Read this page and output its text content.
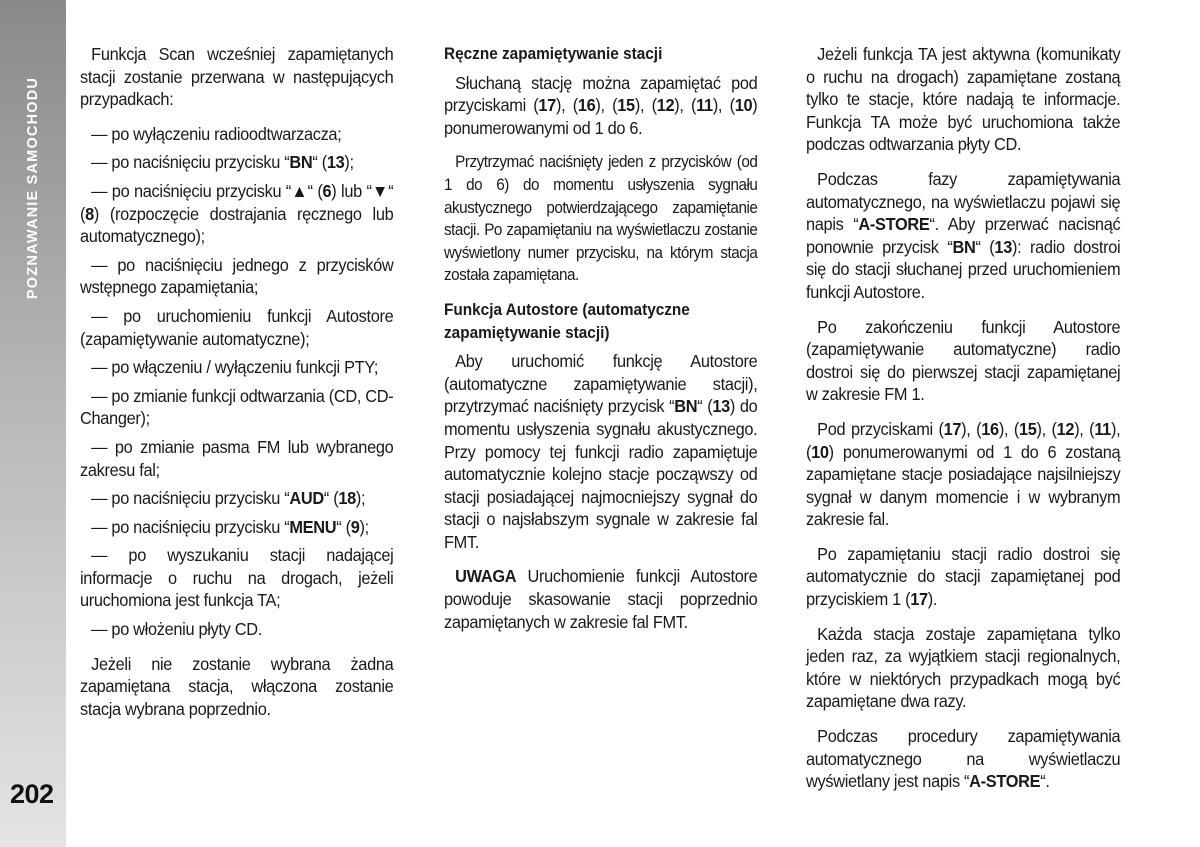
POZNAWANIE SAMOCHODU
202

Funkcja Scan wcześniej zapamiętanych stacji zostanie przerwana w następujących przypadkach:

— po wyłączeniu radioodtwarzacza;

— po naciśnięciu przycisku “BN“ (13);

— po naciśnięciu przycisku “▲“ (6) lub “▼“ (8) (rozpoczęcie dostrajania ręcznego lub automatycznego);

— po naciśnięciu jednego z przycisków wstępnego zapamiętania;

— po uruchomieniu funkcji Autostore (zapamiętywanie automatyczne);

— po włączeniu / wyłączeniu funkcji PTY;

— po zmianie funkcji odtwarzania (CD, CD-Changer);

— po zmianie pasma FM lub wybranego zakresu fal;

— po naciśnięciu przycisku “AUD“ (18);

— po naciśnięciu przycisku “MENU“ (9);

— po wyszukaniu stacji nadającej informacje o ruchu na drogach, jeżeli uruchomiona jest funkcja TA;

— po włożeniu płyty CD.

Jeżeli nie zostanie wybrana żadna zapamiętana stacja, włączona zostanie stacja wybrana poprzednio.

Ręczne zapamiętywanie stacji

Słuchaną stację można zapamiętać pod przyciskami (17), (16), (15), (12), (11), (10) ponumerowanymi od 1 do 6.

Przytrzymać naciśnięty jeden z przycisków (od 1 do 6) do momentu usłyszenia sygnału akustycznego potwierdzającego zapamiętanie stacji. Po zapamiętaniu na wyświetlaczu zostanie wyświetlony numer przycisku, na którym stacja została zapamiętana.

Funkcja Autostore (automatyczne zapamiętywanie stacji)

Aby uruchomić funkcję Autostore (automatyczne zapamiętywanie stacji), przytrzymać naciśnięty przycisk “BN“ (13) do momentu usłyszenia sygnału akustycznego. Przy pomocy tej funkcji radio zapamiętuje automatycznie kolejno stacje począwszy od stacji posiadającej najmocniejszy sygnał do stacji o najsłabszym sygnale w zakresie fal FMT.

UWAGA Uruchomienie funkcji Autostore powoduje skasowanie stacji poprzednio zapamiętanych w zakresie fal FMT.

Jeżeli funkcja TA jest aktywna (komunikaty o ruchu na drogach) zapamiętane zostaną tylko te stacje, które nadają te informacje. Funkcja TA może być uruchomiona także podczas odtwarzania płyty CD.

Podczas fazy zapamiętywania automatycznego, na wyświetlaczu pojawi się napis “A-STORE“. Aby przerwać nacisnąć ponownie przycisk “BN“ (13): radio dostroi się do stacji słuchanej przed uruchomieniem funkcji Autostore.

Po zakończeniu funkcji Autostore (zapamiętywanie automatyczne) radio dostroi się do pierwszej stacji zapamiętanej w zakresie FM 1.

Pod przyciskami (17), (16), (15), (12), (11), (10) ponumerowanymi od 1 do 6 zostaną zapamiętane stacje posiadające najsilniejszy sygnał w danym momencie i w wybranym zakresie fal.

Po zapamiętaniu stacji radio dostroi się automatycznie do stacji zapamiętanej pod przyciskiem 1 (17).

Każda stacja zostaje zapamiętana tylko jeden raz, za wyjątkiem stacji regionalnych, które w niektórych przypadkach mogą być zapamiętane dwa razy.

Podczas procedury zapamiętywania automatycznego na wyświetlaczu wyświetlany jest napis “A-STORE“.
